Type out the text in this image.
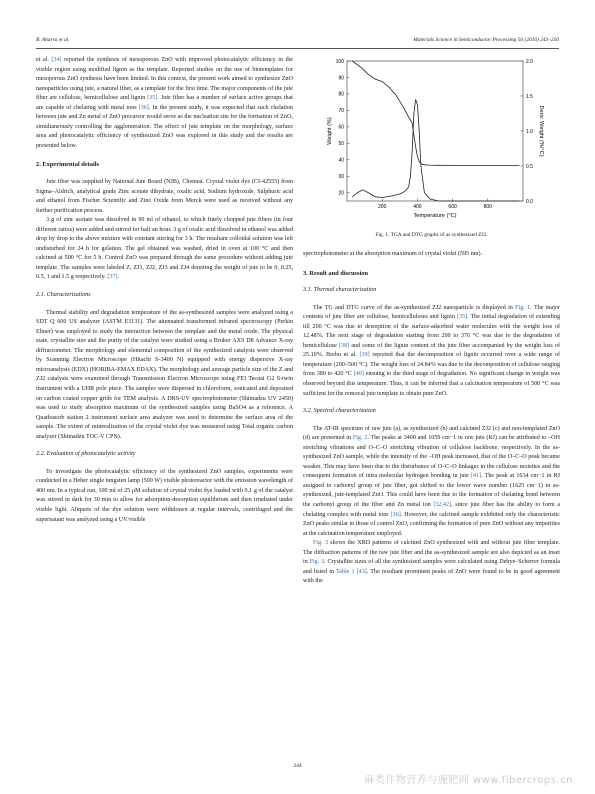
B. Aharra et al.	Materials Science in Semiconductor Processing 56 (2016) 243–250

et al. [34] reported the synthesis of mesoporous ZnO with improved photocatalytic efficiency in the visible region using modified lignin as the template. Reported studies on the use of biotemplates for mesoporous ZnO synthesis have been limited. In this context, the present work aimed to synthesize ZnO nanoparticles using jute, a natural fiber, as a template for the first time. The major components of the jute fiber are cellulose, hemicellulose and lignin [35]. Jute fiber has a number of surface active groups that are capable of chelating with metal ions [36]. In the present study, it was expected that such chelation between jute and Zn metal of ZnO precursor would serve as the nucleation site for the formation of ZnO, simultaneously controlling the agglomeration. The effect of jute template on the morphology, surface area and photocatalytic efficiency of synthesized ZnO was explored in this study and the results are presented below.

2. Experimental details

Jute fiber was supplied by National Jute Board (NJB), Chennai. Crystal violet dye (CI-42555) from Sigma–Aldrich, analytical grade Zinc acetate dihydrate, oxalic acid, Sodium hydroxide, Sulphuric acid and ethanol from Fischer Scientific and Zinc Oxide from Merck were used as received without any further purification process.

3 g of zinc acetate was dissolved in 90 ml of ethanol, to which finely chopped jute fibers (in four different ratios) were added and stirred for half an hour. 3 g of oxalic acid dissolved in ethanol was added drop by drop to the above mixture with constant stirring for 3 h. The resultant colloidal solution was left undisturbed for 24 h for gelation. The gel obtained was washed, dried in oven at 100 °C and then calcined at 500 °C for 5 h. Control ZnO was prepared through the same procedure without adding jute template. The samples were labeled Z, ZJ1, ZJ2, ZJ3 and ZJ4 denoting the weight of jute to be 0, 0.25, 0.5, 1 and 1.5 g respectively. [37].

2.1. Characterizations

Thermal stability and degradation temperature of the as-synthesized samples were analyzed using a SDT Q 600 US analyzer (ASTM E1131). The attenuated transformed infrared spectroscopy (Perkin Elmer) was employed to study the interaction between the template and the metal oxide. The physical state, crystallite size and the purity of the catalyst were studied using a Bruker AXS D8 Advance X-ray diffractometer. The morphology and elemental composition of the synthesized catalysts were observed by Scanning Electron Microscope (Hitachi S-3400 N) equipped with energy dispersive X-ray microanalysis (EDX) (HORIBA-EMAX EDAX). The morphology and average particle size of the Z and ZJ2 catalysts were examined through Transmission Electron Microscope using FEI Tecnai G2 S-twin instrument with a UHR pole piece. The samples were dispersed in chloroform, sonicated and deposited on carbon coated copper grids for TEM analysis. A DRS-UV spectrophotometer (Shimadzu UV 2450) was used to study absorption maximum of the synthesized samples using BaSO4 as a reference. A Quadrasorb station 2 instrument surface area analyzer was used to determine the surface area of the sample. The extent of mineralization of the crystal violet dye was measured using Total organic carbon analyzer (Shimadzu TOC-V CPN).

2.2. Evaluation of photocatalytic activity

To investigate the photocatalytic efficiency of the synthesized ZnO samples, experiments were conducted in a Heber single tungsten lamp (500 W) visible photoreactor with the emission wavelength of 400 nm. In a typical run, 100 ml of 25 μM solution of crystal violet dye loaded with 0.1 g of the catalyst was stirred in dark for 30 min to allow for adsorption-desorption equilibrium and then irradiated under visible light. Aliquots of the dye solution were withdrawn at regular intervals, centrifuged and the supernatant was analyzed using a UV/visible

200	400	600	800
20
30
40
50
60
70
80
90
100
0.0
0.5
1.0
1.5
2.0
Temperature (°C)
Weight (%)	Deriv. Weight (%/°C)
Fig. 1. TGA and DTG graphs of as synthesized ZJ2.

spectrophotometer at the absorption maximum of crystal violet (595 nm).

3. Result and discussion
3.1. Thermal characterization

The TG and DTG curve of the as-synthesized ZJ2 nanoparticle is displayed in Fig. 1. The major contents of jute fiber are cellulose, hemicelluloses and lignin [35]. The initial degradation of extending till 200 °C was due to desorption of the surface-adsorbed water molecules with the weight loss of 12.48%. The next stage of degradation starting from 200 to 370 °C was due to the degradation of hemicellulose [38] and some of the lignin content of the jute fiber accompanied by the weight loss of 25.10%. Brebu et al. [39] reported that the decomposition of lignin occurred over a wide range of temperature (200–500 °C). The weight loss of 24.84% was due to the decomposition of cellulose ranging from 380 to 420 °C [40] ensuing to the third stage of degradation. No significant change in weight was observed beyond this temperature. Thus, it can be inferred that a calcination temperature of 500 °C was sufficient for the removal jute template to obtain pure ZnO.

3.2. Spectral characterization

The AT-IR spectrum of raw jute (a), as synthesized (b) and calcined ZJ2 (c) and non-templated ZnO (d) are presented in Fig. 2. The peaks at 3400 and 1059 cm−1 in raw jute (RJ) can be attributed to –OH stretching vibrations and O–C–O stretching vibration of cellulose backbone, respectively. In the as-synthesized ZnO sample, while the intensity of the –OH peak increased, that of the O–C–O peak became weaker. This may have been due to the disturbance of O–C–O linkages in the cellulose moieties and the consequent formation of intra molecular hydrogen bonding in jute [41]. The peak at 1634 cm−1 in RJ assigned to carbonyl group of jute fiber, got shifted to the lower wave number (1625 cm−1) in as-synthesized, jute-templated ZnO. This could have been due to the formation of chelating bond between the carbonyl group of the fiber and Zn metal ion [32,42], since jute fiber has the ability to form a chelating complex with metal ions [36]. However, the calcined sample exhibited only the characteristic ZnO peaks similar to those of control ZnO, confirming the formation of pure ZnO without any impurities at the calcination temperature employed.

Fig. 3 shows the XRD patterns of calcined ZnO synthesized with and without jute fiber template. The diffraction patterns of the raw jute fiber and the as-synthesized sample are also depicted as an inset in Fig. 3. Crystallite sizes of all the synthesized samples were calculated using Debye–Scherrer formula and listed in Table 1 [43]. The resultant prominent peaks of ZnO were found to be in good agreement with the

244
麻类作物营养与施肥网 www.fibercrops.cn
